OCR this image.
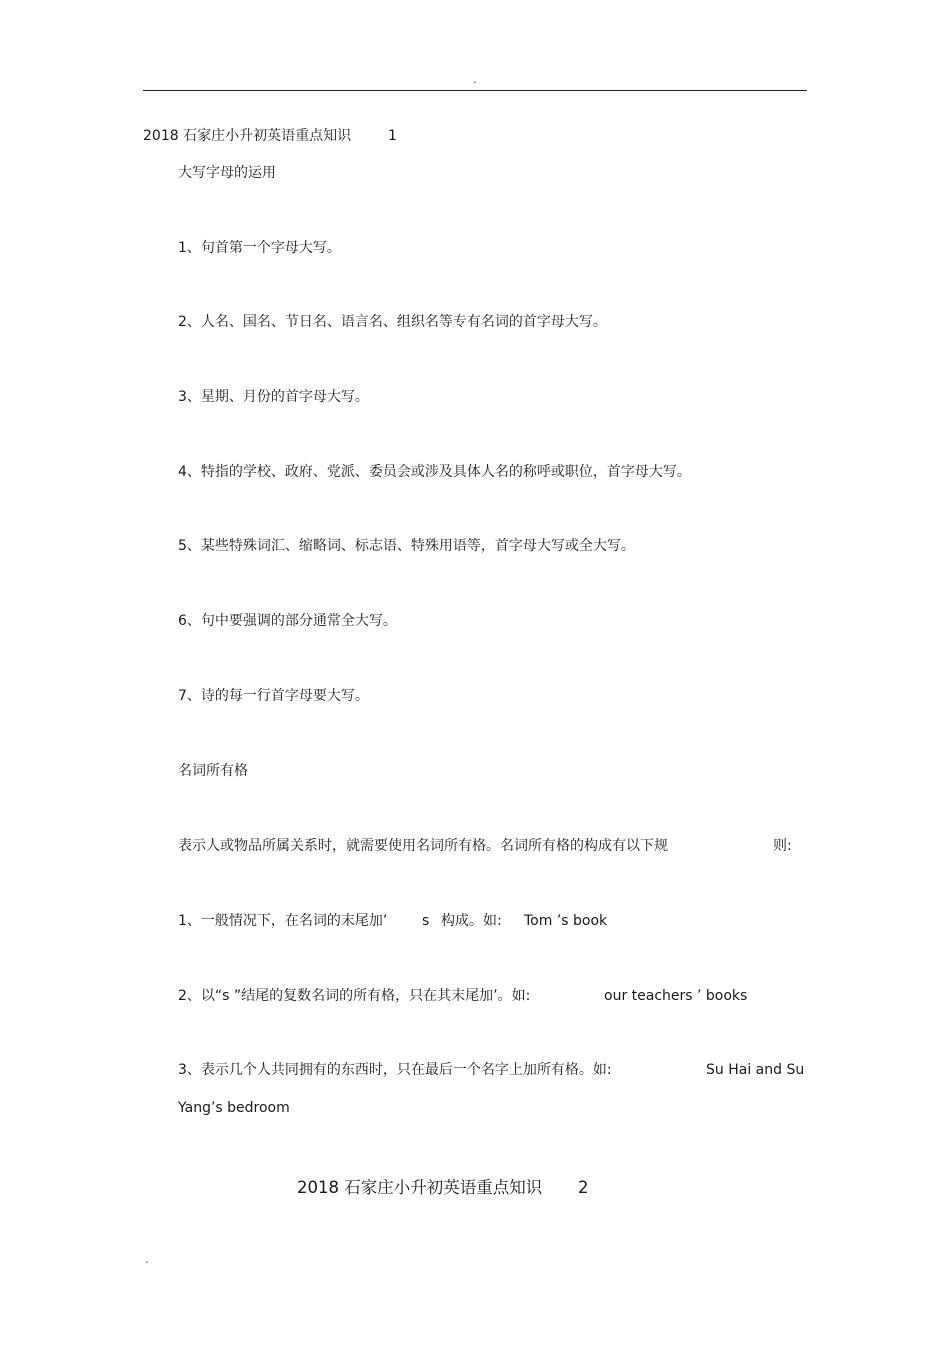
.
2018 石家庄小升初英语重点知识	1
大写字母的运用
1、句首第一个字母大写。
2、人名、国名、节日名、语言名、组织名等专有名词的首字母大写。
3、星期、月份的首字母大写。
4、特指的学校、政府、党派、委员会或涉及具体人名的称呼或职位，首字母大写。
5、某些特殊词汇、缩略词、标志语、特殊用语等，首字母大写或全大写。
6、句中要强调的部分通常全大写。
7、诗的每一行首字母要大写。
名词所有格
表示人或物品所属关系时，就需要使用名词所有格。名词所有格的构成有以下规	则:
1、一般情况下，在名词的末尾加’ s 构成。如: Tom ’s book
2、以“s ”结尾的复数名词的所有格，只在其末尾加’。如:	our teachers ’ books
3、表示几个人共同拥有的东西时，只在最后一个名字上加所有格。如:	Su Hai and Su
Yang’s bedroom
2018 石家庄小升初英语重点知识 2
.
